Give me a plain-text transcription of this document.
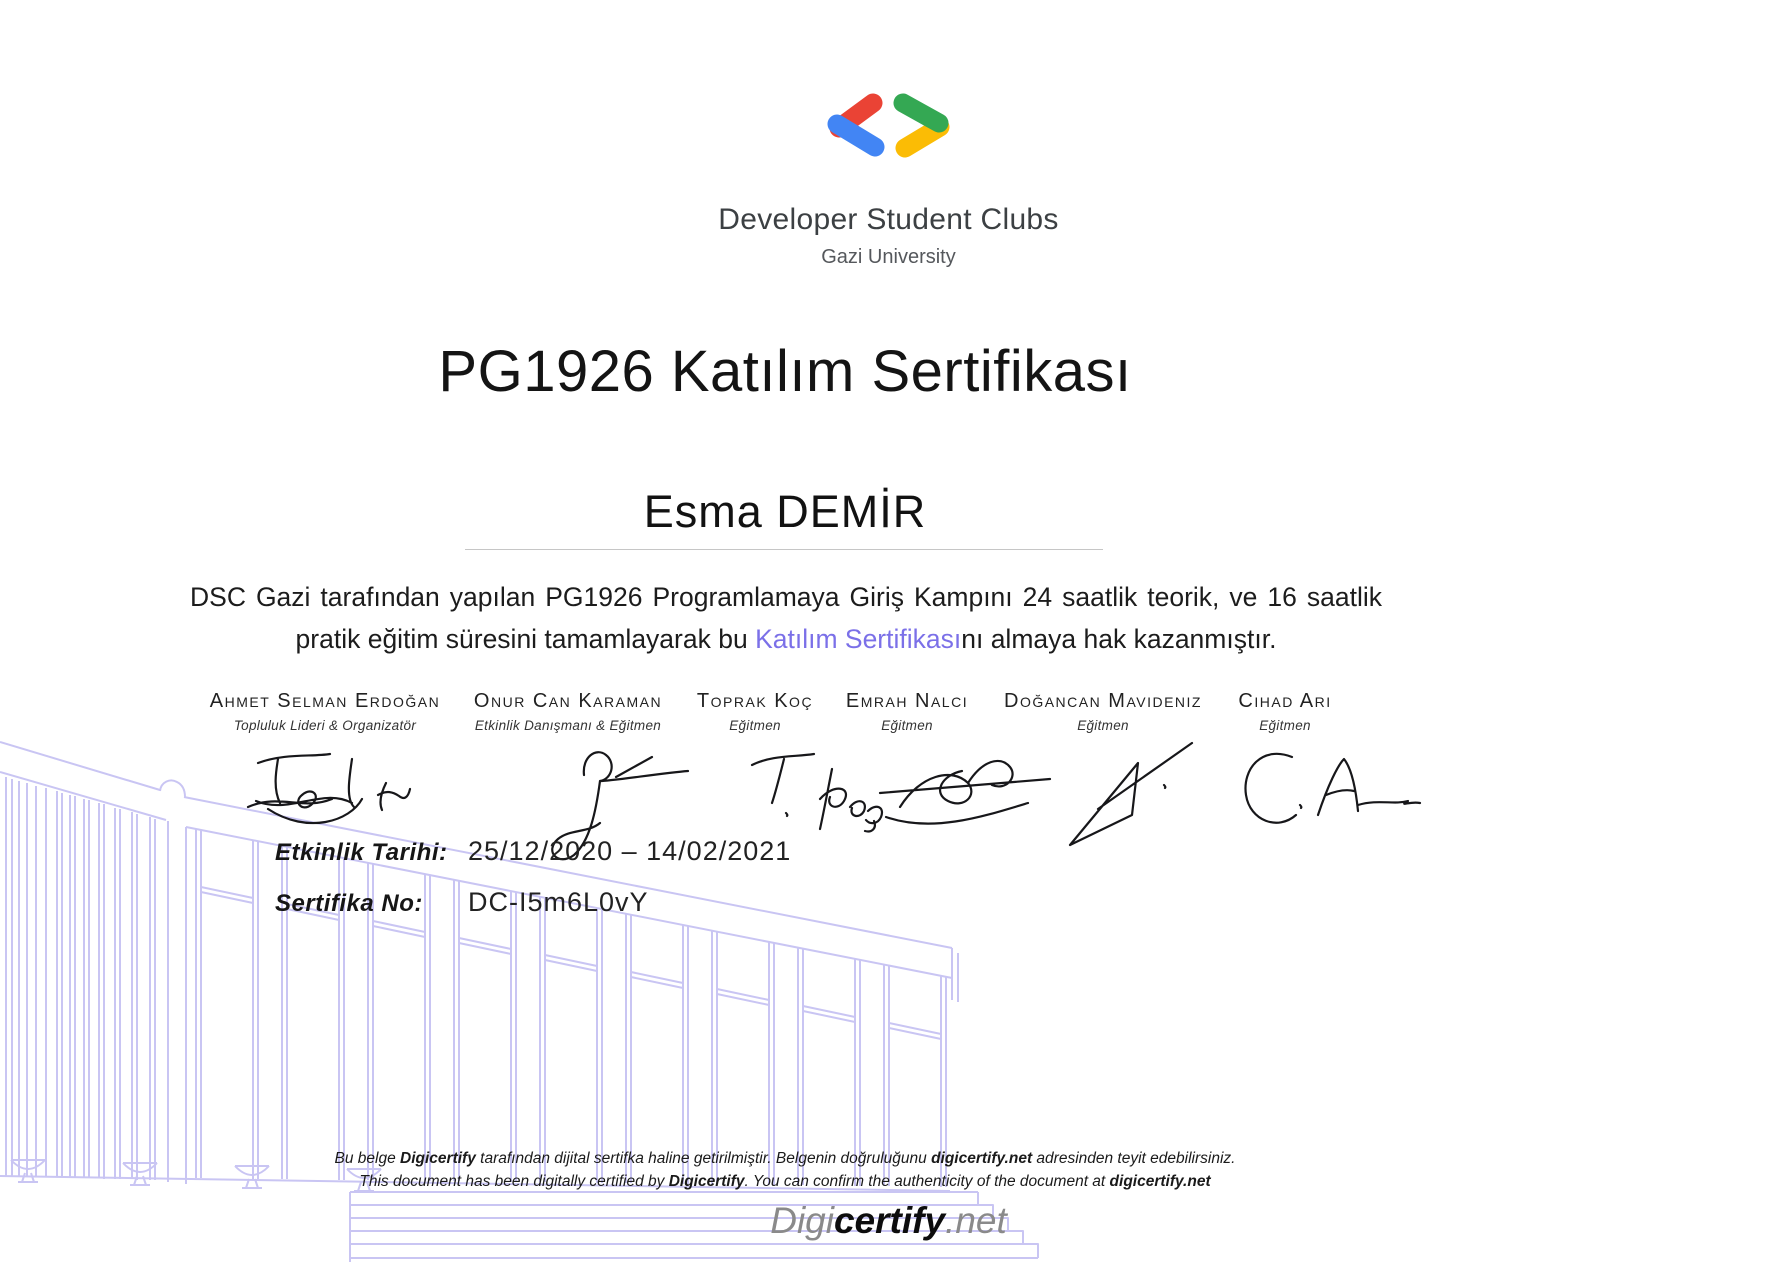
Developer Student Clubs
Gazi University
PG1926 Katılım Sertifikası
Esma DEMİR
DSC Gazi tarafından yapılan PG1926 Programlamaya Giriş Kampını 24 saatlik teorik, ve 16 saatlik pratik eğitim süresini tamamlayarak bu Katılım Sertifikasını almaya hak kazanmıştır.
Ahmet Selman Erdoğan
Topluluk Lideri & Organizatör
Onur Can Karaman
Etkinlik Danışmanı & Eğitmen
Toprak Koç
Eğitmen
Emrah Nalcı
Eğitmen
Doğancan Mavideniz
Eğitmen
Cihad Arı
Eğitmen
Etkinlik Tarihi: 25/12/2020 – 14/02/2021
Sertifika No:	DC-I5m6L0vY
Bu belge Digicertify tarafından dijital sertifka haline getirilmiştir. Belgenin doğruluğunu digicertify.net adresinden teyit edebilirsiniz.
This document has been digitally certified by Digicertify. You can confirm the authenticity of the document at digicertify.net
Digicertify.net
